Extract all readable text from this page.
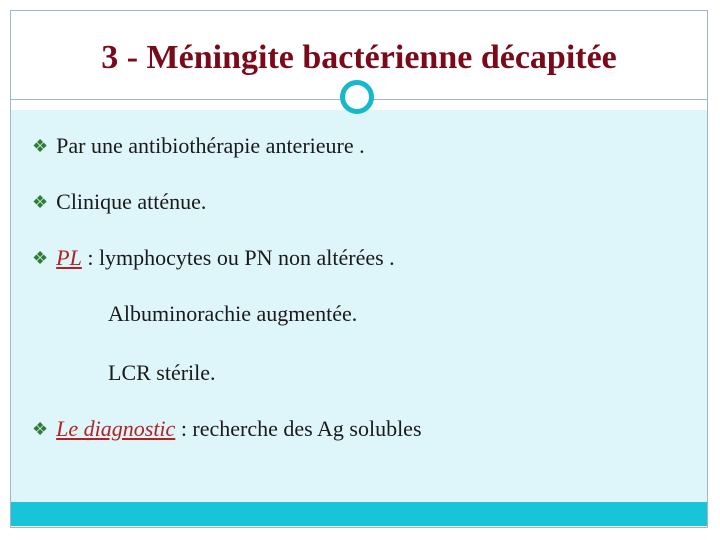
3 - Méningite bactérienne décapitée
❖ Par une antibiothérapie anterieure .
❖ Clinique atténue.
❖ PL : lymphocytes ou PN non altérées .
Albuminorachie augmentée.
LCR stérile.
❖ Le diagnostic : recherche des Ag solubles
